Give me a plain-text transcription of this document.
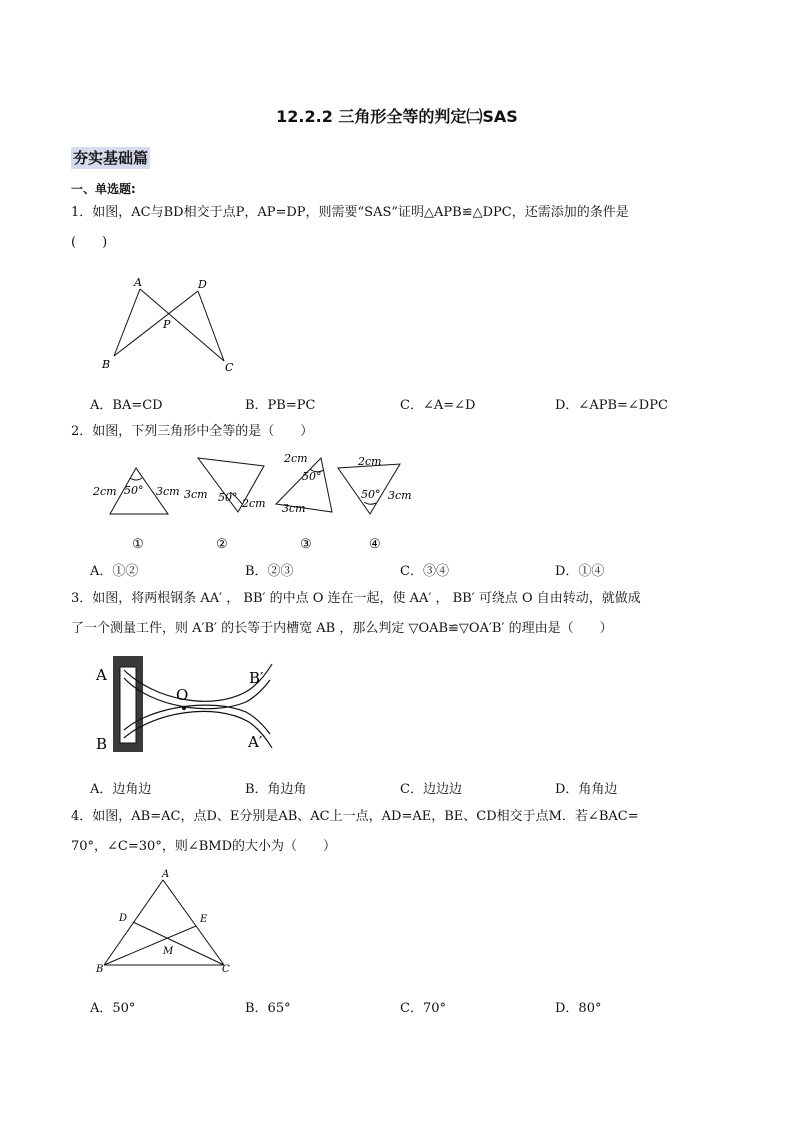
12.2.2 三角形全等的判定㈡SAS
夯实基础篇
一、单选题:
1．如图，AC与BD相交于点P，AP=DP，则需要“SAS”证明△APB≌△DPC，还需添加的条件是
(　　)
A	D
P
B	C
A．BA=CD	B．PB=PC	C．∠A=∠D	D．∠APB=∠DPC
2．如图，下列三角形中全等的是（　　）
2cm 50° 3cm 3cm 50° 2cm
2cm
50°
3cm
2cm
50° 3cm
①	②	③	④
A．①②	B．②③	C．③④	D．①④
3．如图，将两根钢条 AA′ ， BB′ 的中点 O 连在一起，使 AA′ ， BB′ 可绕点 O 自由转动，就做成
了一个测量工件，则 A′B′ 的长等于内槽宽 AB ，那么判定 ▽OAB≌▽OA′B′ 的理由是（　　）
A
B
O
B′
A′
A．边角边	B．角边角	C．边边边	D．角角边
4．如图，AB=AC，点D、E分别是AB、AC上一点，AD=AE，BE、CD相交于点M．若∠BAC=
70°，∠C=30°，则∠BMD的大小为（　　）
A
D	E
M
B	C
A．50°	B．65°	C．70°	D．80°
